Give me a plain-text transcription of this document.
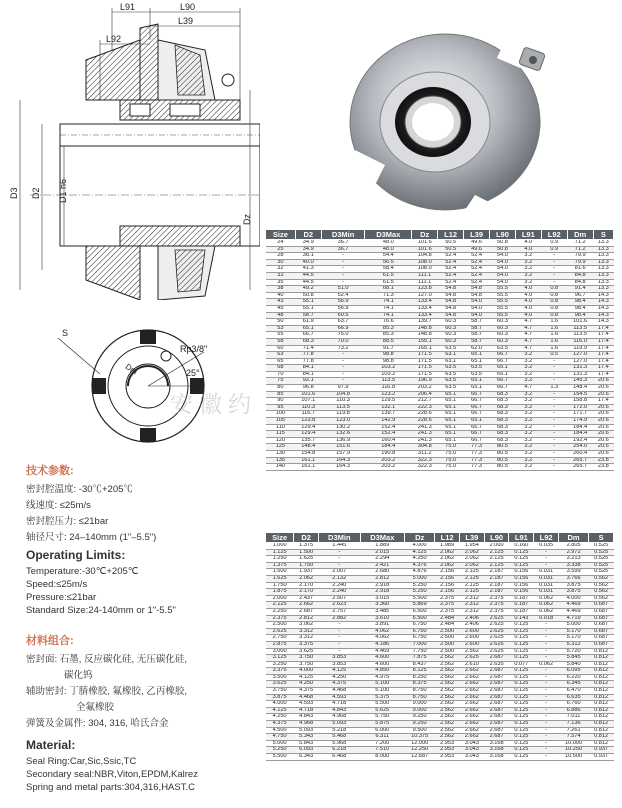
L91	L90
L39
L92
D3 D2 D1 h6
Dz
S
Rp3/8"
25°
Dm
安徽约
技术参数:
密封腔温度: -30℃+205℃
线速度: ≤25m/s
密封腔压力: ≤21bar
轴径尺寸: 24–140mm (1"–5.5")
Operating Limits:
Temperature:-30℃+205℃
Speed:≤25m/s
Pressure:≤21bar
Standard Size:24-140mm or 1"-5.5"
材料组合:
密封面: 石墨, 反应碳化硅, 无压碳化硅,
碳化钨
辅助密封: 丁腈橡胶, 氟橡胶, 乙丙橡胶,
全氟橡胶
弹簧及金属件: 304, 316, 哈氏合金
Material:
Seal Ring:Car,Sic,Ssic,TC
Secondary seal:NBR,Viton,EPDM,Kalrez
Spring and metal parts:304,316,HAST.C
Size	D2	D3Min	D3Max	Dz	L12	L39	L90	L91	L92	Dm	S
24	34.9	36.7	48.0	101.6	50.5	49.6	50.8	4.0	0.9	71.2	13.3
25	34.9	36.7	48.0	101.6	50.5	49.6	50.8	4.0	0.9	71.2	13.3
28	38.1	-	54.4	104.8	52.4	52.4	54.0	3.2	-	79.9	13.3
30	40.0	-	56.5	108.0	52.4	52.4	54.0	3.2	-	79.9	13.3
32	41.3	-	58.4	108.0	52.4	52.4	54.0	3.2	-	81.6	13.3
33	44.5	-	61.5	111.1	52.4	52.4	54.0	3.2	-	84.8	13.3
35	44.5	-	61.5	111.1	52.4	52.4	54.0	3.2	-	84.8	13.3
38	49.2	51.0	68.1	123.8	54.8	54.8	55.5	4.0	0.8	91.4	13.3
40	50.8	52.4	71.3	127.0	54.8	54.8	55.5	4.0	0.8	96.7	14.3
43	55.1	56.9	74.1	133.4	54.8	54.0	55.5	4.0	0.8	98.4	14.3
45	55.1	56.9	74.1	133.4	54.8	54.0	55.5	4.0	0.8	98.4	14.3
48	58.7	60.5	74.1	133.4	54.8	54.0	55.5	4.0	0.8	98.4	14.3
50	61.9	63.7	76.6	139.7	60.3	58.7	60.3	4.7	1.6	101.6	14.3
53	65.1	66.9	85.3	148.8	60.3	58.7	60.3	4.7	1.6	113.5	17.4
55	66.7	75.0	85.3	148.8	60.3	58.7	60.3	4.7	1.6	113.5	17.4
58	68.3	70.0	88.5	155.1	60.3	58.7	60.3	4.7	1.6	116.0	17.4
60	71.4	73.2	91.7	165.1	63.5	62.0	63.5	4.7	1.6	119.9	17.4
63	77.8	-	98.8	171.5	63.1	65.1	66.7	3.2	0.5	127.0	17.4
65	77.8	-	98.8	171.5	63.1	65.1	66.7	3.2	-	127.0	17.4
68	84.1	-	103.2	171.5	63.5	63.5	65.1	3.2	-	131.3	17.4
70	84.1	-	103.2	171.5	63.5	63.5	65.1	3.2	-	131.3	17.4
75	92.1	-	113.5	196.9	63.5	65.1	66.7	3.2	-	145.3	20.6
80	96.8	97.9	116.8	203.2	63.5	65.1	66.7	4.7	1.3	148.4	20.6
85	101.6	104.8	123.2	206.4	65.1	66.7	68.3	3.2	-	154.5	20.6
90	107.1	110.3	129.5	212.7	65.1	66.7	68.3	3.2	-	158.8	17.4
95	110.3	113.5	132.1	222.3	65.1	66.7	68.3	3.2	-	172.0	20.6
100	116.7	119.8	139.7	228.6	65.1	66.7	68.3	3.2	-	171.7	20.6
105	123.8	123.0	142.9	228.6	65.1	65.1	68.3	3.2	-	174.9	20.6
110	129.4	130.2	152.4	241.3	65.1	66.7	68.3	3.2	-	184.4	20.6
115	129.4	132.6	152.4	241.3	65.1	66.7	68.3	3.2	-	184.4	20.6
120	135.7	136.9	160.4	241.3	65.1	66.7	68.3	3.2	-	192.4	20.6
125	148.4	151.6	184.4	304.8	75.0	77.3	80.5	3.2	-	254.0	20.6
130	154.8	157.9	190.8	311.2	75.0	77.3	80.5	3.2	-	260.4	20.6
135	161.1	164.3	203.2	322.3	75.0	77.3	80.5	3.2	-	265.7	23.8
140	161.1	164.3	203.2	322.3	75.0	77.3	80.5	3.2	-	265.7	23.8
Size	D2	D3Min	D3Max	Dz	L12	L39	L90	L91	L92	Dm	S
1.000	1.375	1.445	1.889	4.000	1.989	1.954	2.000	0.160	0.035	2.805	0.525
1.125	1.500	-	2.015	4.125	2.062	2.062	2.125	0.125	-	2.972	0.525
1.250	1.625	-	2.294	4.250	2.062	2.062	2.125	0.125	-	3.213	0.525
1.375	1.750	-	2.421	4.376	2.062	2.062	2.125	0.125	-	3.338	0.525
1.500	1.937	2.007	2.680	4.876	2.156	2.125	2.187	0.156	0.031	3.599	0.525
1.625	2.062	2.132	2.812	5.000	2.156	2.125	2.187	0.156	0.031	3.766	0.562
1.750	2.170	2.240	2.918	5.250	2.156	2.125	2.187	0.156	0.031	3.875	0.562
1.875	2.170	2.240	2.918	5.250	2.156	2.125	2.187	0.156	0.031	3.875	0.562
2.000	2.437	2.507	3.015	5.500	2.375	2.312	2.375	0.187	0.062	4.000	0.562
2.125	2.662	2.623	3.360	5.869	2.375	2.312	2.375	0.187	0.062	4.469	0.687
2.250	2.687	2.757	3.485	6.500	2.375	2.312	2.375	0.187	0.062	4.469	0.687
2.375	2.812	2.882	3.610	6.500	2.484	2.406	2.625	0.143	0.018	4.719	0.687
2.500	3.062	-	3.891	6.750	2.484	2.406	2.625	0.125	-	5.000	0.687
2.625	3.312	-	4.062	6.750	2.500	2.600	2.625	0.125	-	5.170	0.687
2.750	3.312	-	4.062	6.750	2.500	2.600	2.625	0.125	-	5.170	0.687
2.875	3.375	-	4.186	7.000	2.500	2.600	2.625	0.125	-	5.312	0.687
3.000	3.625	-	4.469	7.750	2.500	2.562	2.625	0.125	-	5.720	0.812
3.125	3.750	3.853	4.600	7.875	2.562	2.625	2.687	0.125	-	5.845	0.812
3.250	3.750	3.853	4.600	8.437	2.562	2.610	2.635	0.077	0.062	5.840	0.812
3.375	4.000	4.125	4.850	8.125	2.562	2.662	2.687	0.125	-	6.095	0.812
3.500	4.125	4.250	4.975	8.250	2.562	2.662	2.687	0.125	-	6.220	0.812
3.625	4.250	4.375	5.100	8.375	2.562	2.662	2.687	0.125	-	6.345	0.812
3.750	4.375	4.468	5.100	8.750	2.562	2.662	2.687	0.125	-	6.470	0.812
3.875	4.468	4.593	5.375	8.750	2.562	2.662	2.687	0.125	-	6.635	0.812
4.000	4.593	4.718	5.500	9.000	2.562	2.662	2.687	0.125	-	6.760	0.812
4.125	4.718	4.843	5.625	9.000	2.562	2.662	2.687	0.125	-	6.886	0.812
4.250	4.843	4.968	5.750	9.250	2.562	2.662	2.687	0.125	-	7.011	0.812
4.375	4.968	5.093	5.875	9.250	2.562	2.662	2.687	0.125	-	7.136	0.812
4.500	5.093	5.218	6.000	9.500	2.562	2.662	2.687	0.125	-	7.261	0.812
4.750	5.343	5.468	6.311	10.375	2.562	2.662	2.687	0.125	-	7.574	0.812
5.000	5.843	5.968	7.200	12.000	2.953	3.043	3.168	0.125	-	10.000	0.812
5.250	6.093	6.218	7.510	12.250	2.953	3.043	3.168	0.125	-	10.250	0.937
5.500	6.343	6.468	8.000	12.687	2.953	3.043	3.168	0.125	-	10.500	0.937
